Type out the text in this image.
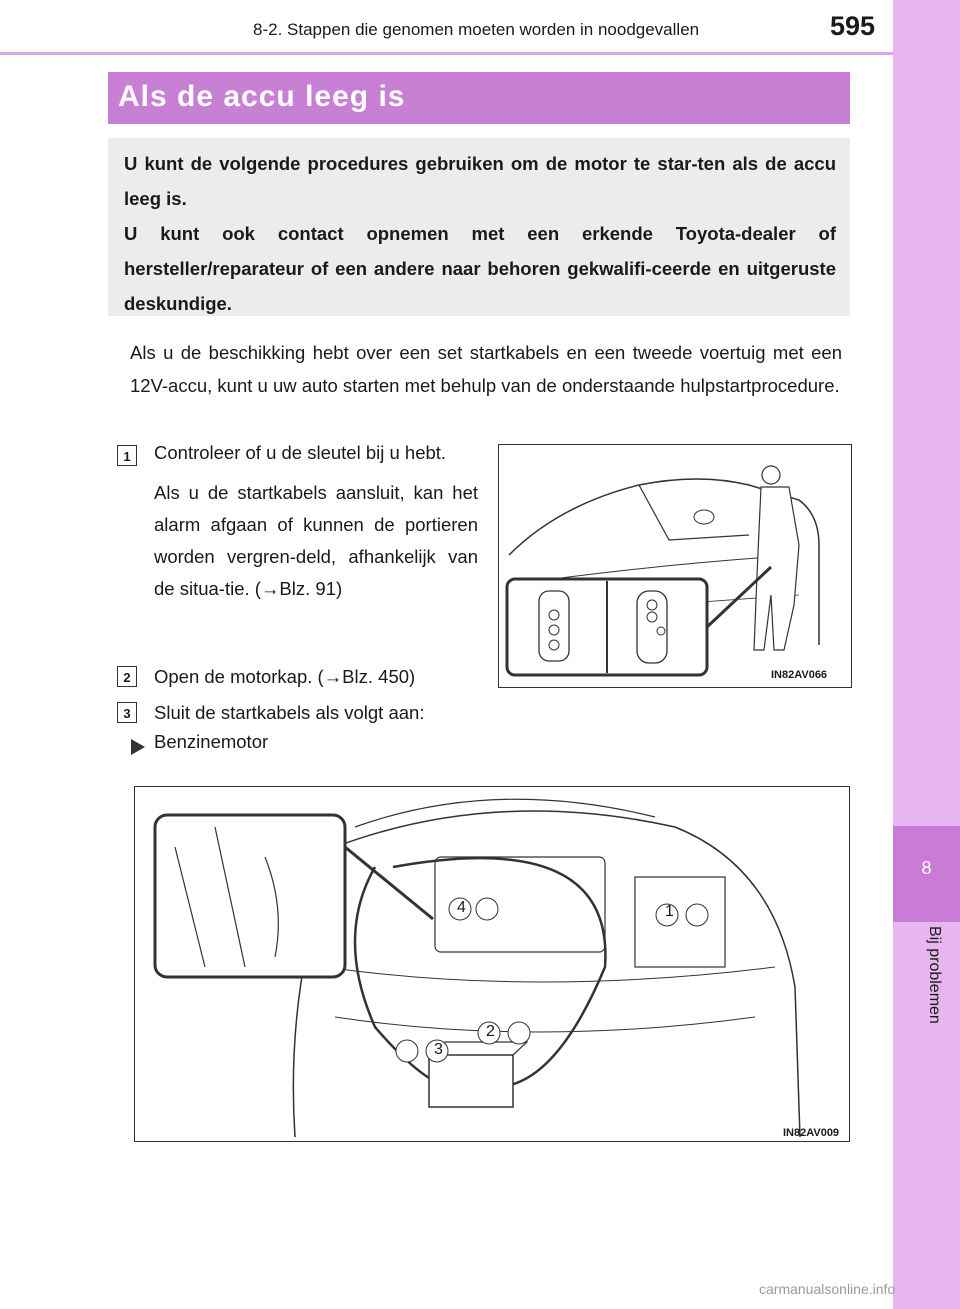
8-2. Stappen die genomen moeten worden in noodgevallen	595
8
Bij problemen
Als de accu leeg is
U kunt de volgende procedures gebruiken om de motor te star-ten als de accu leeg is.
U kunt ook contact opnemen met een erkende Toyota-dealer of hersteller/reparateur of een andere naar behoren gekwalifi-ceerde en uitgeruste deskundige.
Als u de beschikking hebt over een set startkabels en een tweede voertuig met een 12V-accu, kunt u uw auto starten met behulp van de onderstaande hulpstartprocedure.
1	Controleer of u de sleutel bij u hebt.

Als u de startkabels aansluit, kan het alarm afgaan of kunnen de portieren worden vergren-deld, afhankelijk van de situa-tie. (→Blz. 91)

2	Open de motorkap. (→Blz. 450)
3	Sluit de startkabels als volgt aan:
Benzinemotor
IN82AV066
1
2
3
4
IN82AV009
carmanualsonline.info
